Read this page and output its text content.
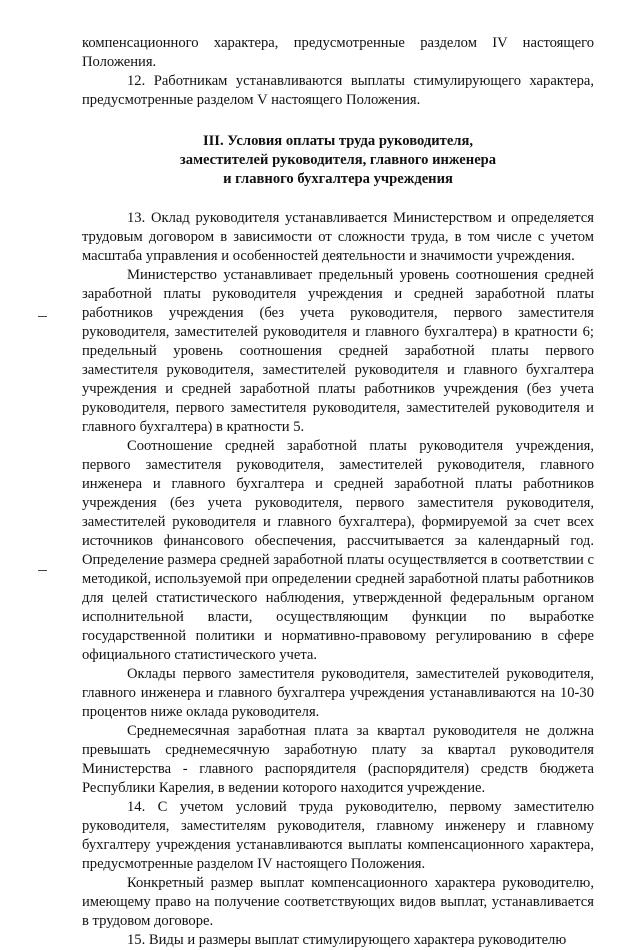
компенсационного характера, предусмотренные разделом IV настоящего Положения.

12. Работникам устанавливаются выплаты стимулирующего характера, предусмотренные разделом V настоящего Положения.

III. Условия оплаты труда руководителя,
заместителей руководителя, главного инженера
и главного бухгалтера учреждения

13. Оклад руководителя устанавливается Министерством и определяется трудовым договором в зависимости от сложности труда, в том числе с учетом масштаба управления и особенностей деятельности и значимости учреждения.

Министерство устанавливает предельный уровень соотношения средней заработной платы руководителя учреждения и средней заработной платы работников учреждения (без учета руководителя, первого заместителя руководителя, заместителей руководителя и главного бухгалтера) в кратности 6; предельный уровень соотношения средней заработной платы первого заместителя руководителя, заместителей руководителя и главного бухгалтера учреждения и средней заработной платы работников учреждения (без учета руководителя, первого заместителя руководителя, заместителей руководителя и главного бухгалтера) в кратности 5.

Соотношение средней заработной платы руководителя учреждения, первого заместителя руководителя, заместителей руководителя, главного инженера и главного бухгалтера и средней заработной платы работников учреждения (без учета руководителя, первого заместителя руководителя, заместителей руководителя и главного бухгалтера), формируемой за счет всех источников финансового обеспечения, рассчитывается за календарный год. Определение размера средней заработной платы осуществляется в соответствии с методикой, используемой при определении средней заработной платы работников для целей статистического наблюдения, утвержденной федеральным органом исполнительной власти, осуществляющим функции по выработке государственной политики и нормативно-правовому регулированию в сфере официального статистического учета.

Оклады первого заместителя руководителя, заместителей руководителя, главного инженера и главного бухгалтера учреждения устанавливаются на 10-30 процентов ниже оклада руководителя.

Среднемесячная заработная плата за квартал руководителя не должна превышать среднемесячную заработную плату за квартал руководителя Министерства - главного распорядителя (распорядителя) средств бюджета Республики Карелия, в ведении которого находится учреждение.

14. С учетом условий труда руководителю, первому заместителю руководителя, заместителям руководителя, главному инженеру и главному бухгалтеру учреждения устанавливаются выплаты компенсационного характера, предусмотренные разделом IV настоящего Положения.

Конкретный размер выплат компенсационного характера руководителю, имеющему право на получение соответствующих видов выплат, устанавливается в трудовом договоре.

15. Виды и размеры выплат стимулирующего характера руководителю
